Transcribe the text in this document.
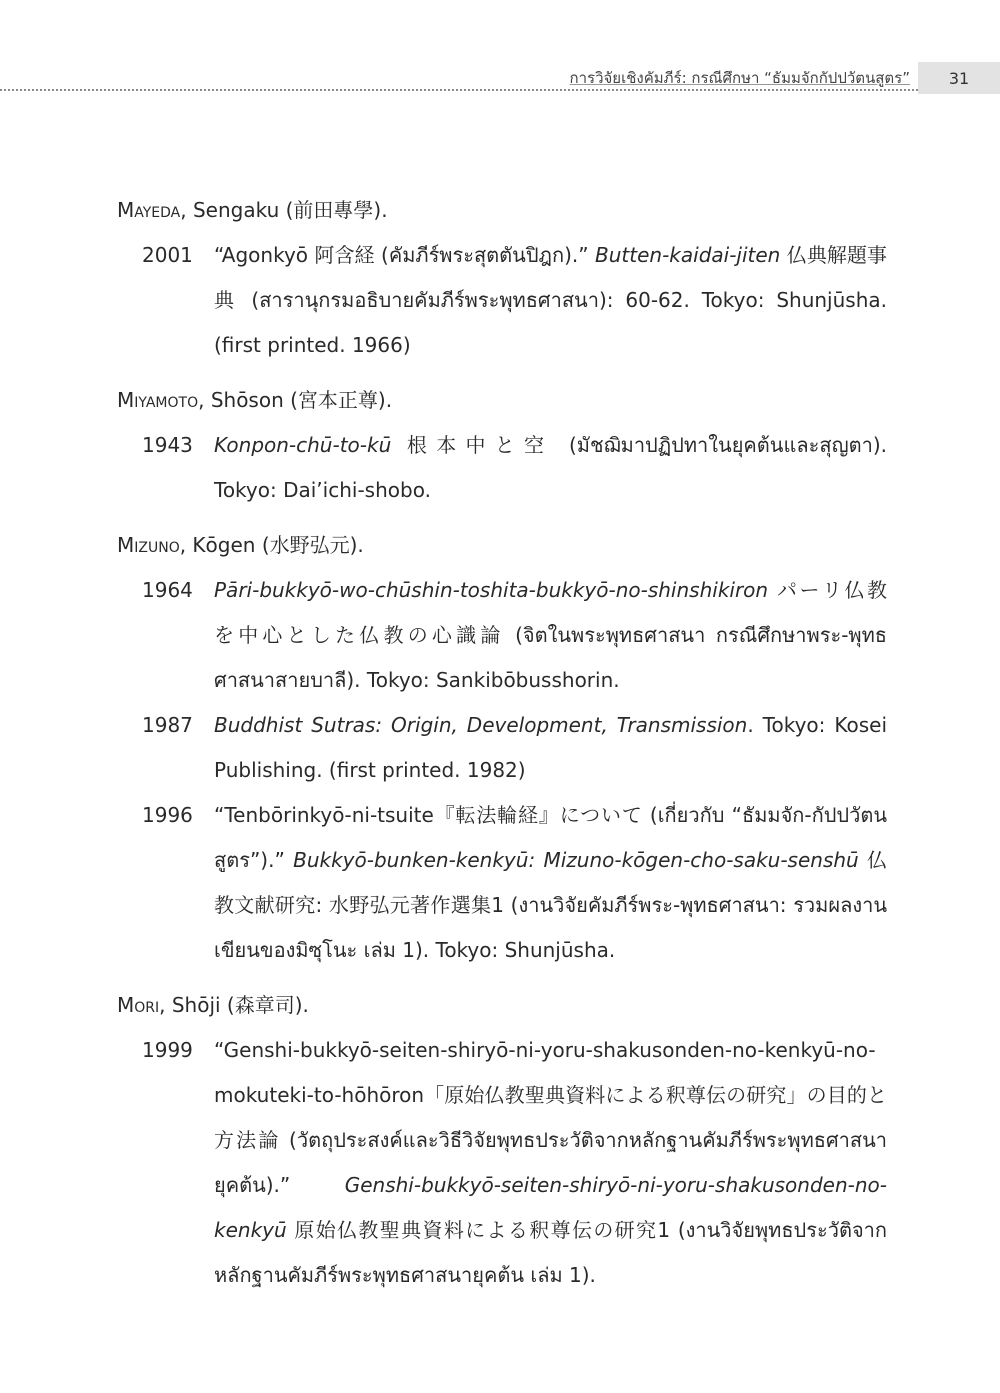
การวิจัยเชิงคัมภีร์: กรณีศึกษา “ธัมมจักกัปปวัตนสูตร”	31
Mayeda, Sengaku (前田專學).
2001 “Agonkyō 阿含経 (คัมภีร์พระสุตตันปิฎก).” Butten-kaidai-jiten 仏典解題事典 (สารานุกรมอธิบายคัมภีร์พระพุทธศาสนา): 60-62. Tokyo: Shunjūsha. (first printed. 1966)
Miyamoto, Shōson (宮本正尊).
1943 Konpon-chū-to-kū 根本中と空 (มัชฌิมาปฏิปทาในยุคต้นและสุญตา). Tokyo: Dai’ichi-shobo.
Mizuno, Kōgen (水野弘元).
1964 Pāri-bukkyō-wo-chūshin-toshita-bukkyō-no-shinshikiron パーリ仏教を中心とした仏教の心識論 (จิตในพระพุทธศาสนา กรณีศึกษาพระ-พุทธศาสนาสายบาลี). Tokyo: Sankibōbusshorin.
1987 Buddhist Sutras: Origin, Development, Transmission. Tokyo: Kosei Publishing. (first printed. 1982)
1996 “Tenbōrinkyō-ni-tsuite『転法輪経』について (เกี่ยวกับ “ธัมมจัก-กัปปวัตนสูตร”).” Bukkyō-bunken-kenkyū: Mizuno-kōgen-cho-saku-senshū 仏教文献研究: 水野弘元著作選集1 (งานวิจัยคัมภีร์พระ-พุทธศาสนา: รวมผลงานเขียนของมิซุโนะ เล่ม 1). Tokyo: Shunjūsha.
Mori, Shōji (森章司).
1999 “Genshi-bukkyō-seiten-shiryō-ni-yoru-shakusonden-no-kenkyū-no- mokuteki-to-hōhōron「原始仏教聖典資料による釈尊伝の研究」の目的と方法論 (วัตถุประสงค์และวิธีวิจัยพุทธประวัติจากหลักฐานคัมภีร์พระพุทธศาสนายุคต้น).” Genshi-bukkyō-seiten-shiryō-ni-yoru-shakusonden-no-kenkyū 原始仏教聖典資料による釈尊伝の研究1 (งานวิจัยพุทธประวัติจากหลักฐานคัมภีร์พระพุทธศาสนายุคต้น เล่ม 1).
